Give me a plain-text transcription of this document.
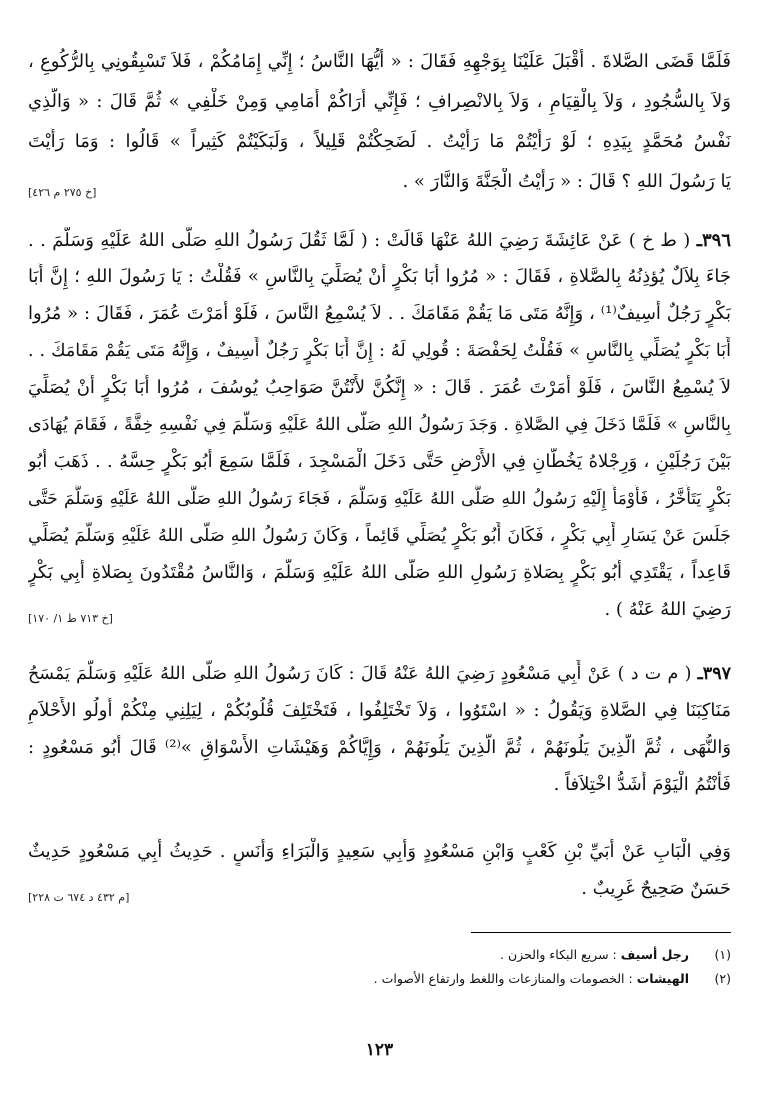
فَلَمَّا قَضَى الصَّلاةَ . أَقْبَلَ عَلَيْنَا بِوَجْهِهِ فَقَالَ : « أَيُّهَا النَّاسُ ؛ إِنِّي إِمَامُكُمْ ، فَلاَ تَسْبِقُونِي بِالرُّكُوعِ ،
وَلاَ بِالسُّجُودِ ، وَلاَ بِالْقِيَامِ ، وَلاَ بِالانْصِرافِ ؛ فَإِنِّي أَرَاكُمْ أَمَامِي وَمِنْ خَلْفِي » ثُمَّ قَالَ : « وَالَّذِي
نَفْسُ مُحَمَّدٍ بِيَدِهِ ؛ لَوْ رَأَيْتُمْ مَا رَأَيْتُ . لَضَحِكْتُمْ قَلِيلاً ، وَلَبَكَيْتُمْ كَثِيراً » قَالُوا : وَمَا رَأَيْتَ
يَا رَسُولَ اللهِ ؟ قَالَ : « رَأَيْتُ الْجَنَّةَ وَالنَّارَ » .
[خ ٢٧٥ م ٤٢٦]
٣٩٦ـ ( ط خ ) عَنْ عَائِشَةَ رَضِيَ اللهُ عَنْهَا قَالَتْ : ( لَمَّا ثَقُلَ رَسُولُ اللهِ صَلَّى اللهُ عَلَيْهِ وَسَلَّمَ . .
جَاءَ بِلاَلٌ يُؤذِنُهُ بِالصَّلاةِ ، فَقَالَ : « مُرُوا أَبَا بَكْرٍ أَنْ يُصَلِّيَ بِالنَّاسِ » فَقُلْتُ : يَا رَسُولَ اللهِ ؛ إِنَّ أَبَا
بَكْرٍ رَجُلٌ أَسِيفٌ⁽¹⁾ ، وَإِنَّهُ مَتَى مَا يَقُمْ مَقَامَكَ . . لاَ يُسْمِعُ النَّاسَ ، فَلَوْ أَمَرْتَ عُمَرَ ، فَقَالَ : « مُرُوا
أَبَا بَكْرٍ يُصَلِّي بِالنَّاسِ » فَقُلْتُ لِحَفْصَةَ : قُولِي لَهُ : إِنَّ أَبَا بَكْرٍ رَجُلٌ أَسِيفٌ ، وَإِنَّهُ مَتَى يَقُمْ مَقَامَكَ . .
لاَ يُسْمِعُ النَّاسَ ، فَلَوْ أَمَرْتَ عُمَرَ . قَالَ : « إِنَّكُنَّ لأَنْتُنَّ صَوَاحِبُ يُوسُفَ ، مُرُوا أَبَا بَكْرٍ أَنْ يُصَلِّيَ
بِالنَّاسِ » فَلَمَّا دَخَلَ فِي الصَّلاةِ . وَجَدَ رَسُولُ اللهِ صَلَّى اللهُ عَلَيْهِ وَسَلَّمَ فِي نَفْسِهِ خِفَّةً ، فَقَامَ يُهَادَى
بَيْنَ رَجُلَيْنِ ، وَرِجْلاهُ يَخُطَّانِ فِي الأَرْضِ حَتَّى دَخَلَ الْمَسْجِدَ ، فَلَمَّا سَمِعَ أَبُو بَكْرٍ حِسَّهُ . . ذَهَبَ أَبُو
بَكْرٍ يَتَأَخَّرُ ، فَأَوْمَأَ إِلَيْهِ رَسُولُ اللهِ صَلَّى اللهُ عَلَيْهِ وَسَلَّمَ ، فَجَاءَ رَسُولُ اللهِ صَلَّى اللهُ عَلَيْهِ وَسَلَّمَ حَتَّى
جَلَسَ عَنْ يَسَارِ أَبِي بَكْرٍ ، فَكَانَ أَبُو بَكْرٍ يُصَلِّي قَائِماً ، وَكَانَ رَسُولُ اللهِ صَلَّى اللهُ عَلَيْهِ وَسَلَّمَ يُصَلِّي
قَاعِداً ، يَقْتَدِي أَبُو بَكْرٍ بِصَلاةِ رَسُولِ اللهِ صَلَّى اللهُ عَلَيْهِ وَسَلَّمَ ، وَالنَّاسُ مُقْتَدُونَ بِصَلاةِ أَبِي بَكْرٍ
رَضِيَ اللهُ عَنْهُ ) .
[خ ٧١٣ ط ١/ ١٧٠]
٣٩٧ـ ( م ت د ) عَنْ أَبِي مَسْعُودٍ رَضِيَ اللهُ عَنْهُ قَالَ : كَانَ رَسُولُ اللهِ صَلَّى اللهُ عَلَيْهِ وَسَلَّمَ يَمْسَحُ
مَنَاكِبَنَا فِي الصَّلاةِ وَيَقُولُ : « اسْتَوُوا ، وَلاَ تَخْتَلِفُوا ، فَتَخْتَلِفَ قُلُوبُكُمْ ، لِيَلِنِي مِنْكُمْ أُولُو الأَحْلاَمِ
وَالنُّهَى ، ثُمَّ الَّذِينَ يَلُونَهُمْ ، ثُمَّ الَّذِينَ يَلُونَهُمْ ، وَإِيَّاكُمْ وَهَيْشَاتِ الأَسْوَاقِ »⁽²⁾ قَالَ أَبُو مَسْعُودٍ :
فَأَنْتُمُ الْيَوْمَ أَشَدُّ اخْتِلاَفاً .
وَفِي الْبَابِ عَنْ أُبَيِّ بْنِ كَعْبٍ وَابْنِ مَسْعُودٍ وَأَبِي سَعِيدٍ وَالْبَرَاءِ وَأَنَسٍ . حَدِيثُ أَبِي مَسْعُودٍ حَدِيثٌ
حَسَنٌ صَحِيحٌ غَرِيبٌ .
[م ٤٣٢ د ٦٧٤ ت ٢٢٨]
(١)رجل أسيف : سريع البكاء والحزن .
(٢)الهيشات : الخصومات والمنازعات واللغط وارتفاع الأصوات .
١٢٣
